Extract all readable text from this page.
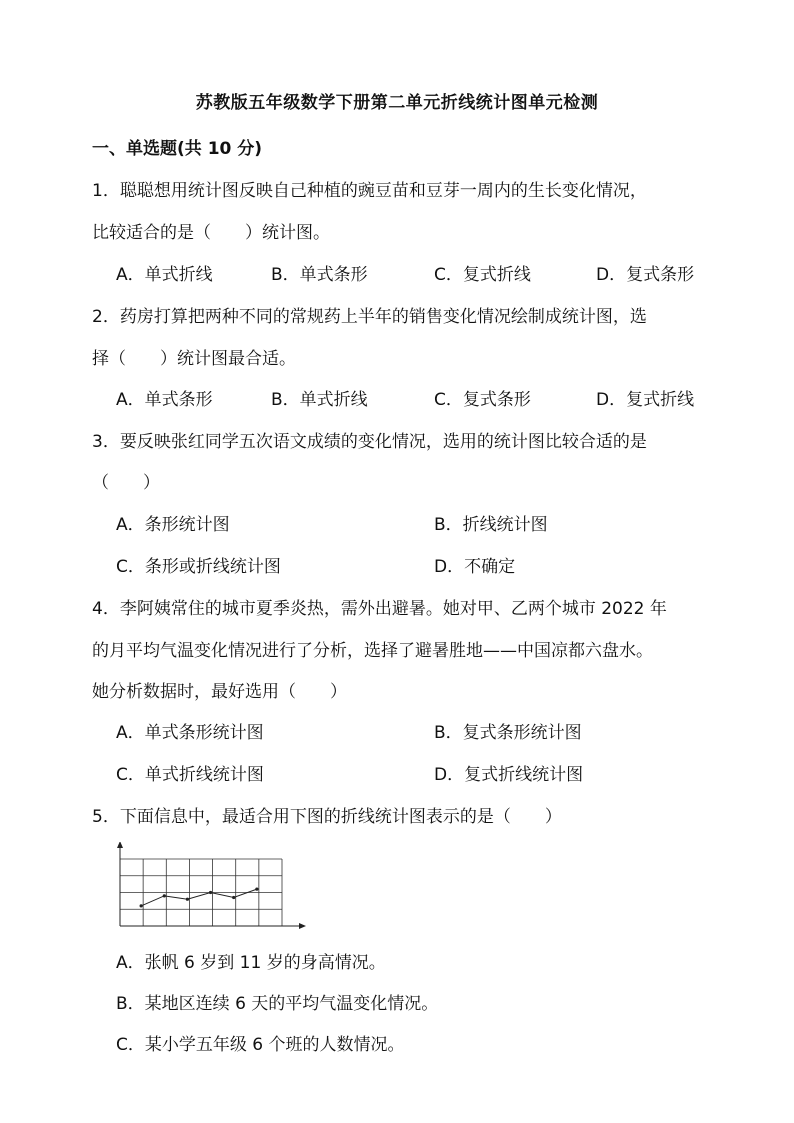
苏教版五年级数学下册第二单元折线统计图单元检测
一、单选题(共 10 分)
1．聪聪想用统计图反映自己种植的豌豆苗和豆芽一周内的生长变化情况，
比较适合的是（　　）统计图。
A．单式折线	B．单式条形	C．复式折线	D．复式条形
2．药房打算把两种不同的常规药上半年的销售变化情况绘制成统计图，选
择（　　）统计图最合适。
A．单式条形	B．单式折线	C．复式条形	D．复式折线
3．要反映张红同学五次语文成绩的变化情况，选用的统计图比较合适的是
（　　）
A．条形统计图	B．折线统计图
C．条形或折线统计图	D．不确定
4．李阿姨常住的城市夏季炎热，需外出避暑。她对甲、乙两个城市 2022 年
的月平均气温变化情况进行了分析，选择了避暑胜地——中国凉都六盘水。
她分析数据时，最好选用（　　）
A．单式条形统计图	B．复式条形统计图
C．单式折线统计图	D．复式折线统计图
5．下面信息中，最适合用下图的折线统计图表示的是（　　）
A．张帆 6 岁到 11 岁的身高情况。
B．某地区连续 6 天的平均气温变化情况。
C．某小学五年级 6 个班的人数情况。
